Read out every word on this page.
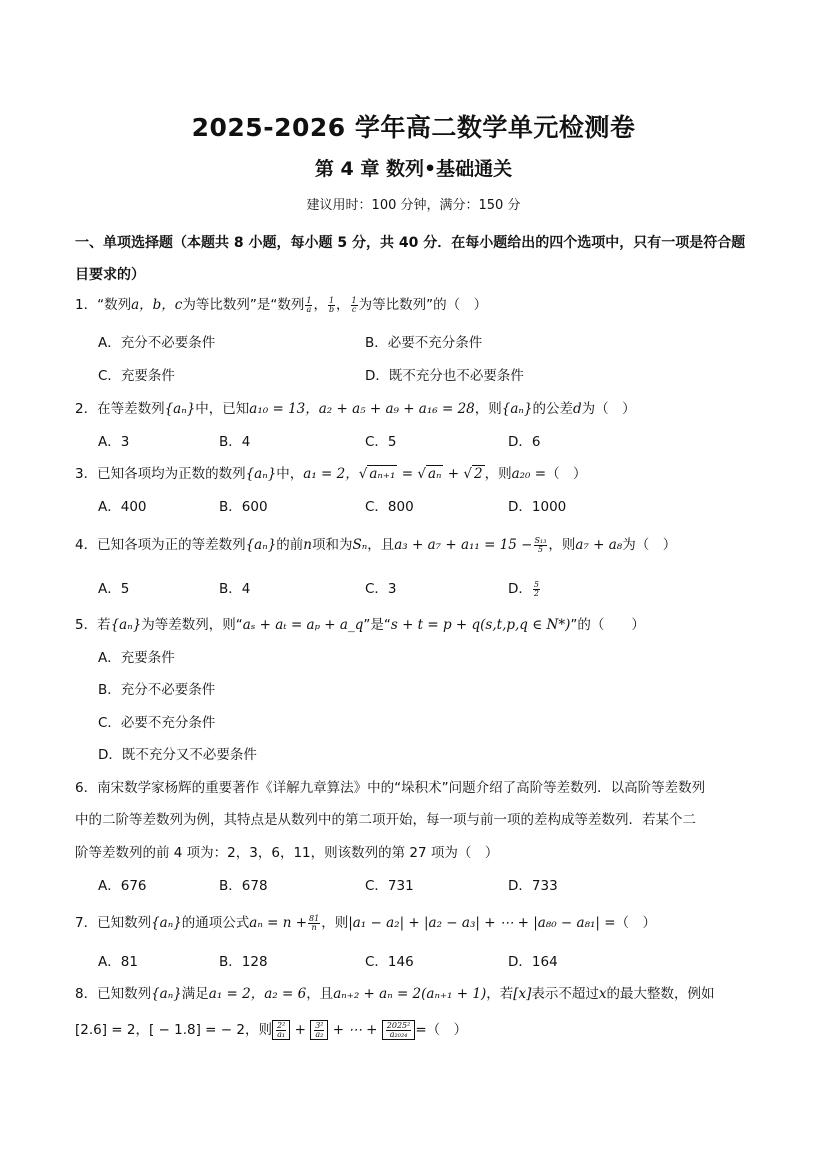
2025-2026 学年高二数学单元检测卷
第 4 章 数列•基础通关
建议用时：100 分钟，满分：150 分
一、单项选择题（本题共 8 小题，每小题 5 分，共 40 分．在每小题给出的四个选项中，只有一项是符合题
目要求的）
1．“数列a，b，c为等比数列”是“数列 $\frac{1}{a}$ ， $\frac{1}{b}$ ， $\frac{1}{c}$ 为等比数列”的（　）
A．充分不必要条件	B．必要不充分条件
C．充要条件	D．既不充分也不必要条件
2．在等差数列{aₙ}中，已知a₁₀ = 13，a₂ + a₅ + a₉ + a₁₆ = 28，则{aₙ}的公差d为（　）
A．3	B．4	C．5	D．6
3．已知各项均为正数的数列{aₙ}中，a₁ = 2，√ aₙ₊₁ = √ aₙ + √ 2 ，则a₂₀ =（　）
A．400	B．600	C．800	D．1000
4．已知各项为正的等差数列{aₙ}的前n项和为Sₙ，且$a_3 + a_7 + a_{11} = 15 - \frac{\text{S₁₃}}{5}$ ，则a₇ + a₈为（　）
A．5	B．4	C．3	D． $\frac{5}{2}$
5．若{aₙ}为等差数列，则“aₛ + aₜ = aₚ + a_q”是“s + t = p + q(s,t,p,q ∈ N*)”的（　　）
A．充要条件
B．充分不必要条件
C．必要不充分条件
D．既不充分又不必要条件
6．南宋数学家杨辉的重要著作《详解九章算法》中的“垛积术”问题介绍了高阶等差数列．以高阶等差数列
中的二阶等差数列为例，其特点是从数列中的第二项开始，每一项与前一项的差构成等差数列．若某个二
阶等差数列的前 4 项为：2，3，6，11，则该数列的第 27 项为（　）
A．676	B．678	C．731	D．733
7．已知数列{aₙ}的通项公式$a_n = n + \frac{81}{n}$ ，则|a₁ − a₂| + |a₂ − a₃| + ⋯ + |a₈₀ − a₈₁| =（　）
A．81	B．128	C．146	D．164
8．已知数列{aₙ}满足a₁ = 2，a₂ = 6，且aₙ₊₂ + aₙ = 2(aₙ₊₁ + 1)，若[x]表示不超过x的最大整数，例如
[2.6] = 2，[ − 1.8] = − 2，则 $\frac{\text{2²}}{\text{a₁}} + \frac{\text{3²}}{\text{a₂}}$ + ⋯ + $\frac{\text{2025²}}{\text{a₂₀₂₄}}$ =（　）
